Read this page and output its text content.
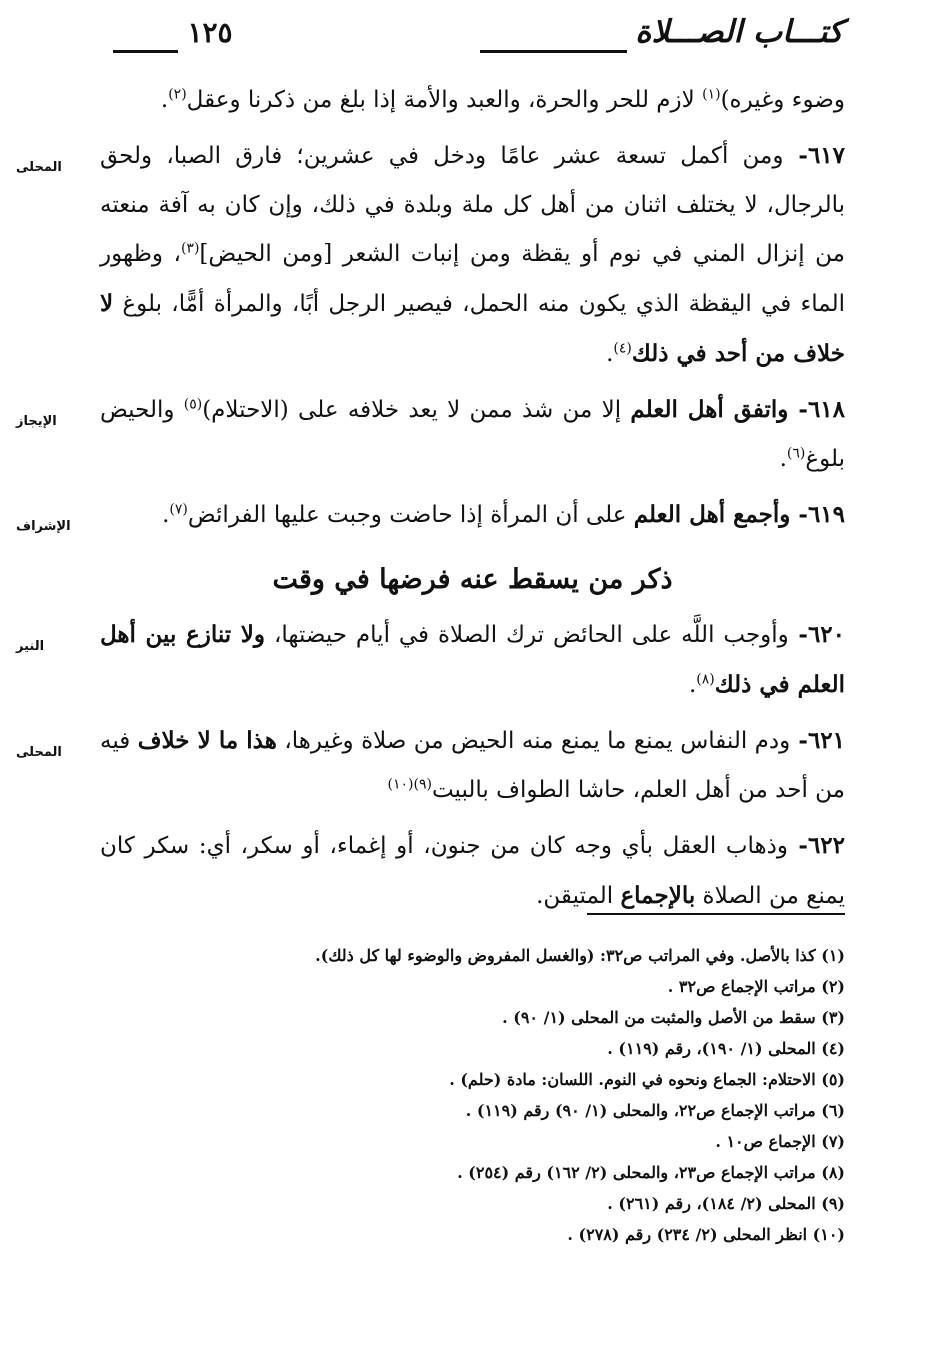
كتـــاب الصـــلاة
١٢٥
وضوء وغيره)$^{(١)}$ لازم للحر والحرة، والعبد والأمة إذا بلغ من ذكرنا وعقل$^{(٢)}$.
المحلى	٦١٧- ومن أكمل تسعة عشر عامًا ودخل في عشرين؛ فارق الصبا، ولحق بالرجال، لا يختلف اثنان من أهل كل ملة وبلدة في ذلك، وإن كان به آفة منعته من إنزال المني في نوم أو يقظة ومن إنبات الشعر [ومن الحيض]$^{(٣)}$، وظهور الماء في اليقظة الذي يكون منه الحمل، فيصير الرجل أبًا، والمرأة أمًّا، بلوغ لا خلاف من أحد في ذلك$^{(٤)}$.
الإيجاز	٦١٨- واتفق أهل العلم إلا من شذ ممن لا يعد خلافه على (الاحتلام)$^{(٥)}$ والحيض بلوغ$^{(٦)}$.
الإشراف	٦١٩- وأجمع أهل العلم على أن المرأة إذا حاضت وجبت عليها الفرائض$^{(٧)}$.
ذكر من يسقط عنه فرضها في وقت
النير	٦٢٠- وأوجب اللَّه على الحائض ترك الصلاة في أيام حيضتها، ولا تنازع بين أهل العلم في ذلك$^{(٨)}$.
المحلى	٦٢١- ودم النفاس يمنع ما يمنع منه الحيض من صلاة وغيرها، هذا ما لا خلاف فيه من أحد من أهل العلم، حاشا الطواف بالبيت$^{(٩)(١٠)}$
٦٢٢- وذهاب العقل بأي وجه كان من جنون، أو إغماء، أو سكر، أي: سكر كان يمنع من الصلاة بالإجماع المتيقن.
(١) كذا بالأصل. وفي المراتب ص٣٢: (والغسل المفروض والوضوء لها كل ذلك).
(٢) مراتب الإجماع ص٣٢ .
(٣) سقط من الأصل والمثبت من المحلى (١/ ٩٠) .
(٤) المحلى (١/ ١٩٠)، رقم (١١٩) .
(٥) الاحتلام: الجماع ونحوه في النوم. اللسان: مادة (حلم) .
(٦) مراتب الإجماع ص٢٢، والمحلى (١/ ٩٠) رقم (١١٩) .
(٧) الإجماع ص١٠ .
(٨) مراتب الإجماع ص٢٣، والمحلى (٢/ ١٦٢) رقم (٢٥٤) .
(٩) المحلى (٢/ ١٨٤)، رقم (٢٦١) .
(١٠) انظر المحلى (٢/ ٢٣٤) رقم (٢٧٨) .
